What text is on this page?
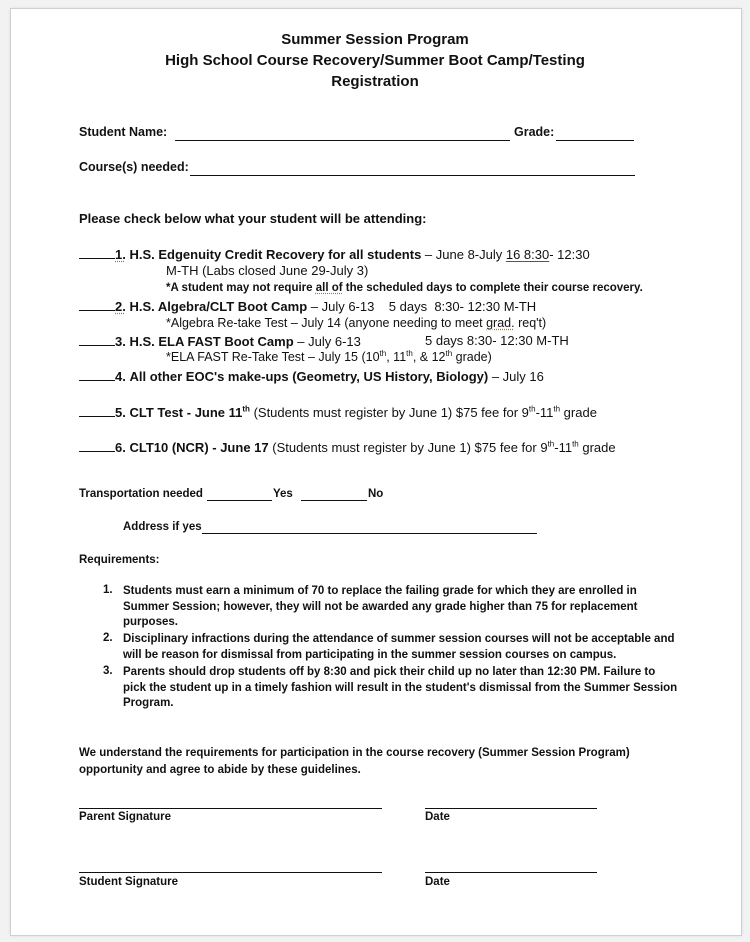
Summer Session Program
High School Course Recovery/Summer Boot Camp/Testing
Registration
Student Name:	Grade:
Course(s) needed:
Please check below what your student will be attending:
1. H.S. Edgenuity Credit Recovery for all students – June 8-July 16 8:30- 12:30
M-TH (Labs closed June 29-July 3)
*A student may not require all of the scheduled days to complete their course recovery.
2. H.S. Algebra/CLT Boot Camp – July 6-13    5 days  8:30- 12:30 M-TH
*Algebra Re-take Test – July 14 (anyone needing to meet grad. req't)
3. H.S. ELA FAST Boot Camp – July 6-13	5 days 8:30- 12:30 M-TH
*ELA FAST Re-Take Test – July 15 (10th, 11th, & 12th grade)
4. All other EOC's make-ups (Geometry, US History, Biology) – July 16
5. CLT Test - June 11th (Students must register by June 1) $75 fee for 9th-11th grade
6. CLT10 (NCR) - June 17 (Students must register by June 1) $75 fee for 9th-11th grade
Transportation needed	Yes	No
Address if yes
Requirements:
1. Students must earn a minimum of 70 to replace the failing grade for which they are enrolled in Summer Session; however, they will not be awarded any grade higher than 75 for replacement purposes.
2. Disciplinary infractions during the attendance of summer session courses will not be acceptable and will be reason for dismissal from participating in the summer session courses on campus.
3. Parents should drop students off by 8:30 and pick their child up no later than 12:30 PM. Failure to pick the student up in a timely fashion will result in the student's dismissal from the Summer Session Program.
We understand the requirements for participation in the course recovery (Summer Session Program) opportunity and agree to abide by these guidelines.
Parent Signature	Date
Student Signature	Date
